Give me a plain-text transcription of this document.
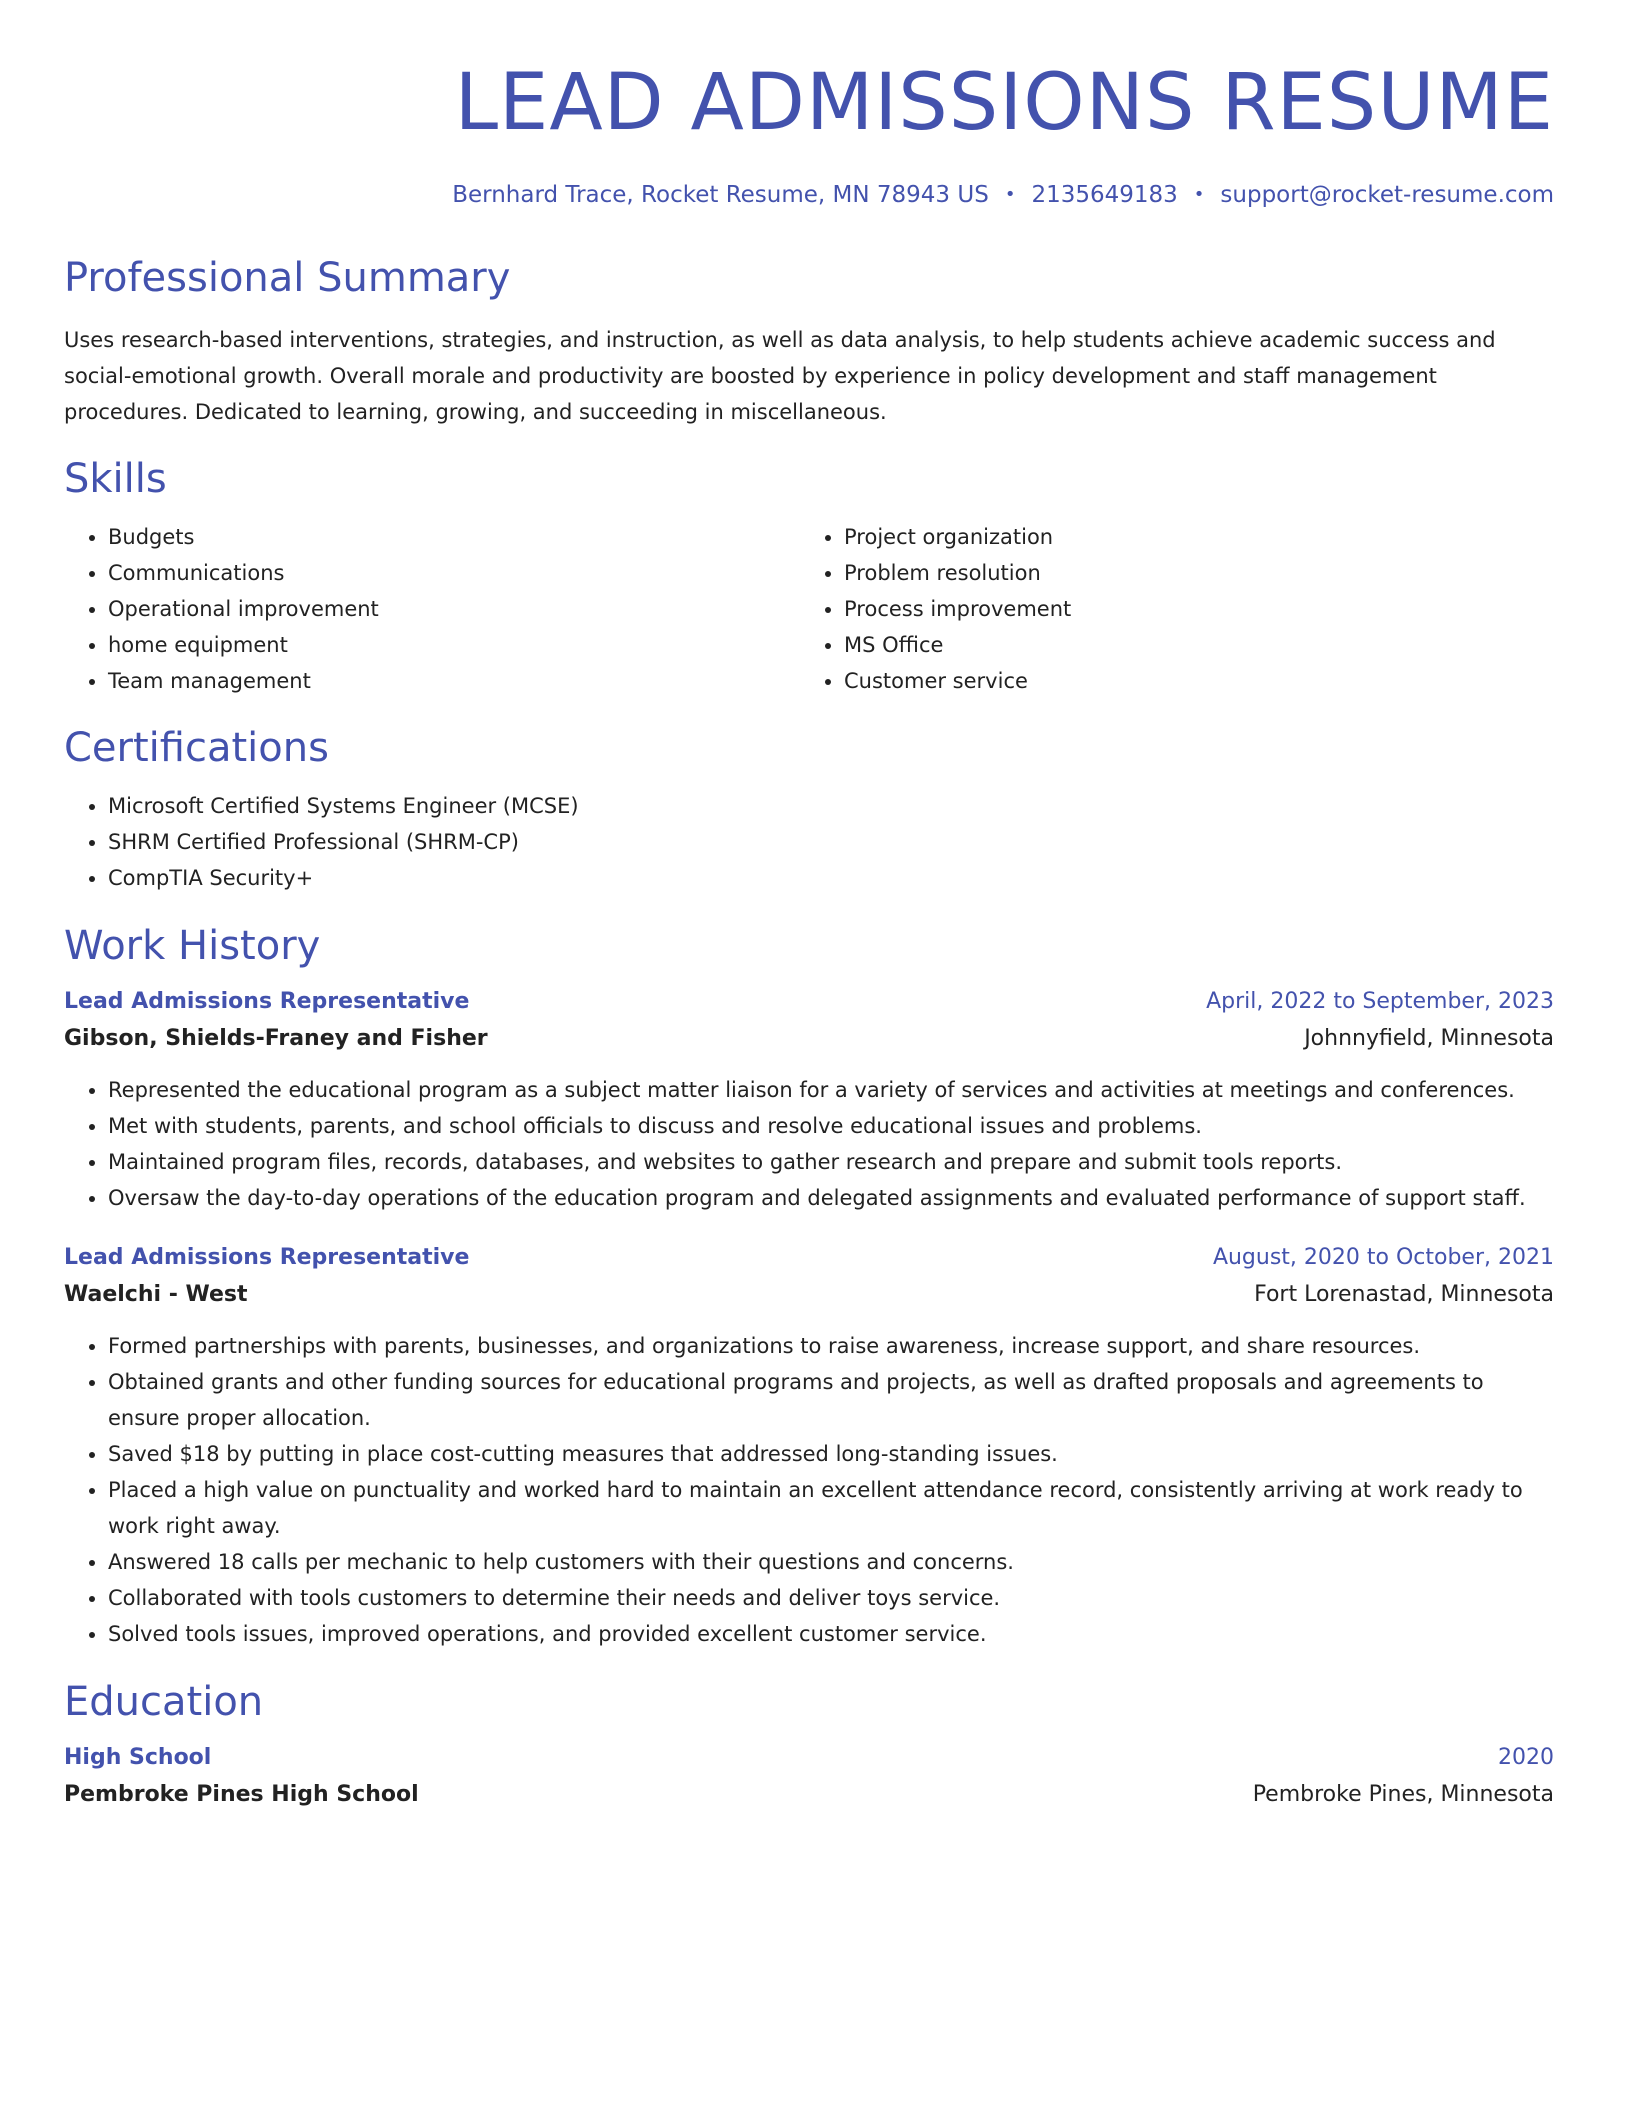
LEAD ADMISSIONS RESUME
Bernhard Trace, Rocket Resume, MN 78943 US • 2135649183 • support@rocket-resume.com
Professional Summary

Uses research-based interventions, strategies, and instruction, as well as data analysis, to help students achieve academic success and social-emotional growth. Overall morale and productivity are boosted by experience in policy development and staff management procedures. Dedicated to learning, growing, and succeeding in miscellaneous.

Skills
• Budgets
• Communications
• Operational improvement
• home equipment
• Team management
• Project organization
• Problem resolution
• Process improvement
• MS Office
• Customer service
Certifications
• Microsoft Certified Systems Engineer (MCSE)
• SHRM Certified Professional (SHRM-CP)
• CompTIA Security+
Work History
Lead Admissions Representative	April, 2022 to September, 2023
Gibson, Shields-Franey and Fisher	Johnnyfield, Minnesota
• Represented the educational program as a subject matter liaison for a variety of services and activities at meetings and conferences.
• Met with students, parents, and school officials to discuss and resolve educational issues and problems.
• Maintained program files, records, databases, and websites to gather research and prepare and submit tools reports.
• Oversaw the day-to-day operations of the education program and delegated assignments and evaluated performance of support staff.
Lead Admissions Representative	August, 2020 to October, 2021
Waelchi - West	Fort Lorenastad, Minnesota
• Formed partnerships with parents, businesses, and organizations to raise awareness, increase support, and share resources.
• Obtained grants and other funding sources for educational programs and projects, as well as drafted proposals and agreements to ensure proper allocation.
• Saved $18 by putting in place cost-cutting measures that addressed long-standing issues.
• Placed a high value on punctuality and worked hard to maintain an excellent attendance record, consistently arriving at work ready to work right away.
• Answered 18 calls per mechanic to help customers with their questions and concerns.
• Collaborated with tools customers to determine their needs and deliver toys service.
• Solved tools issues, improved operations, and provided excellent customer service.
Education
High School	2020
Pembroke Pines High School	Pembroke Pines, Minnesota
